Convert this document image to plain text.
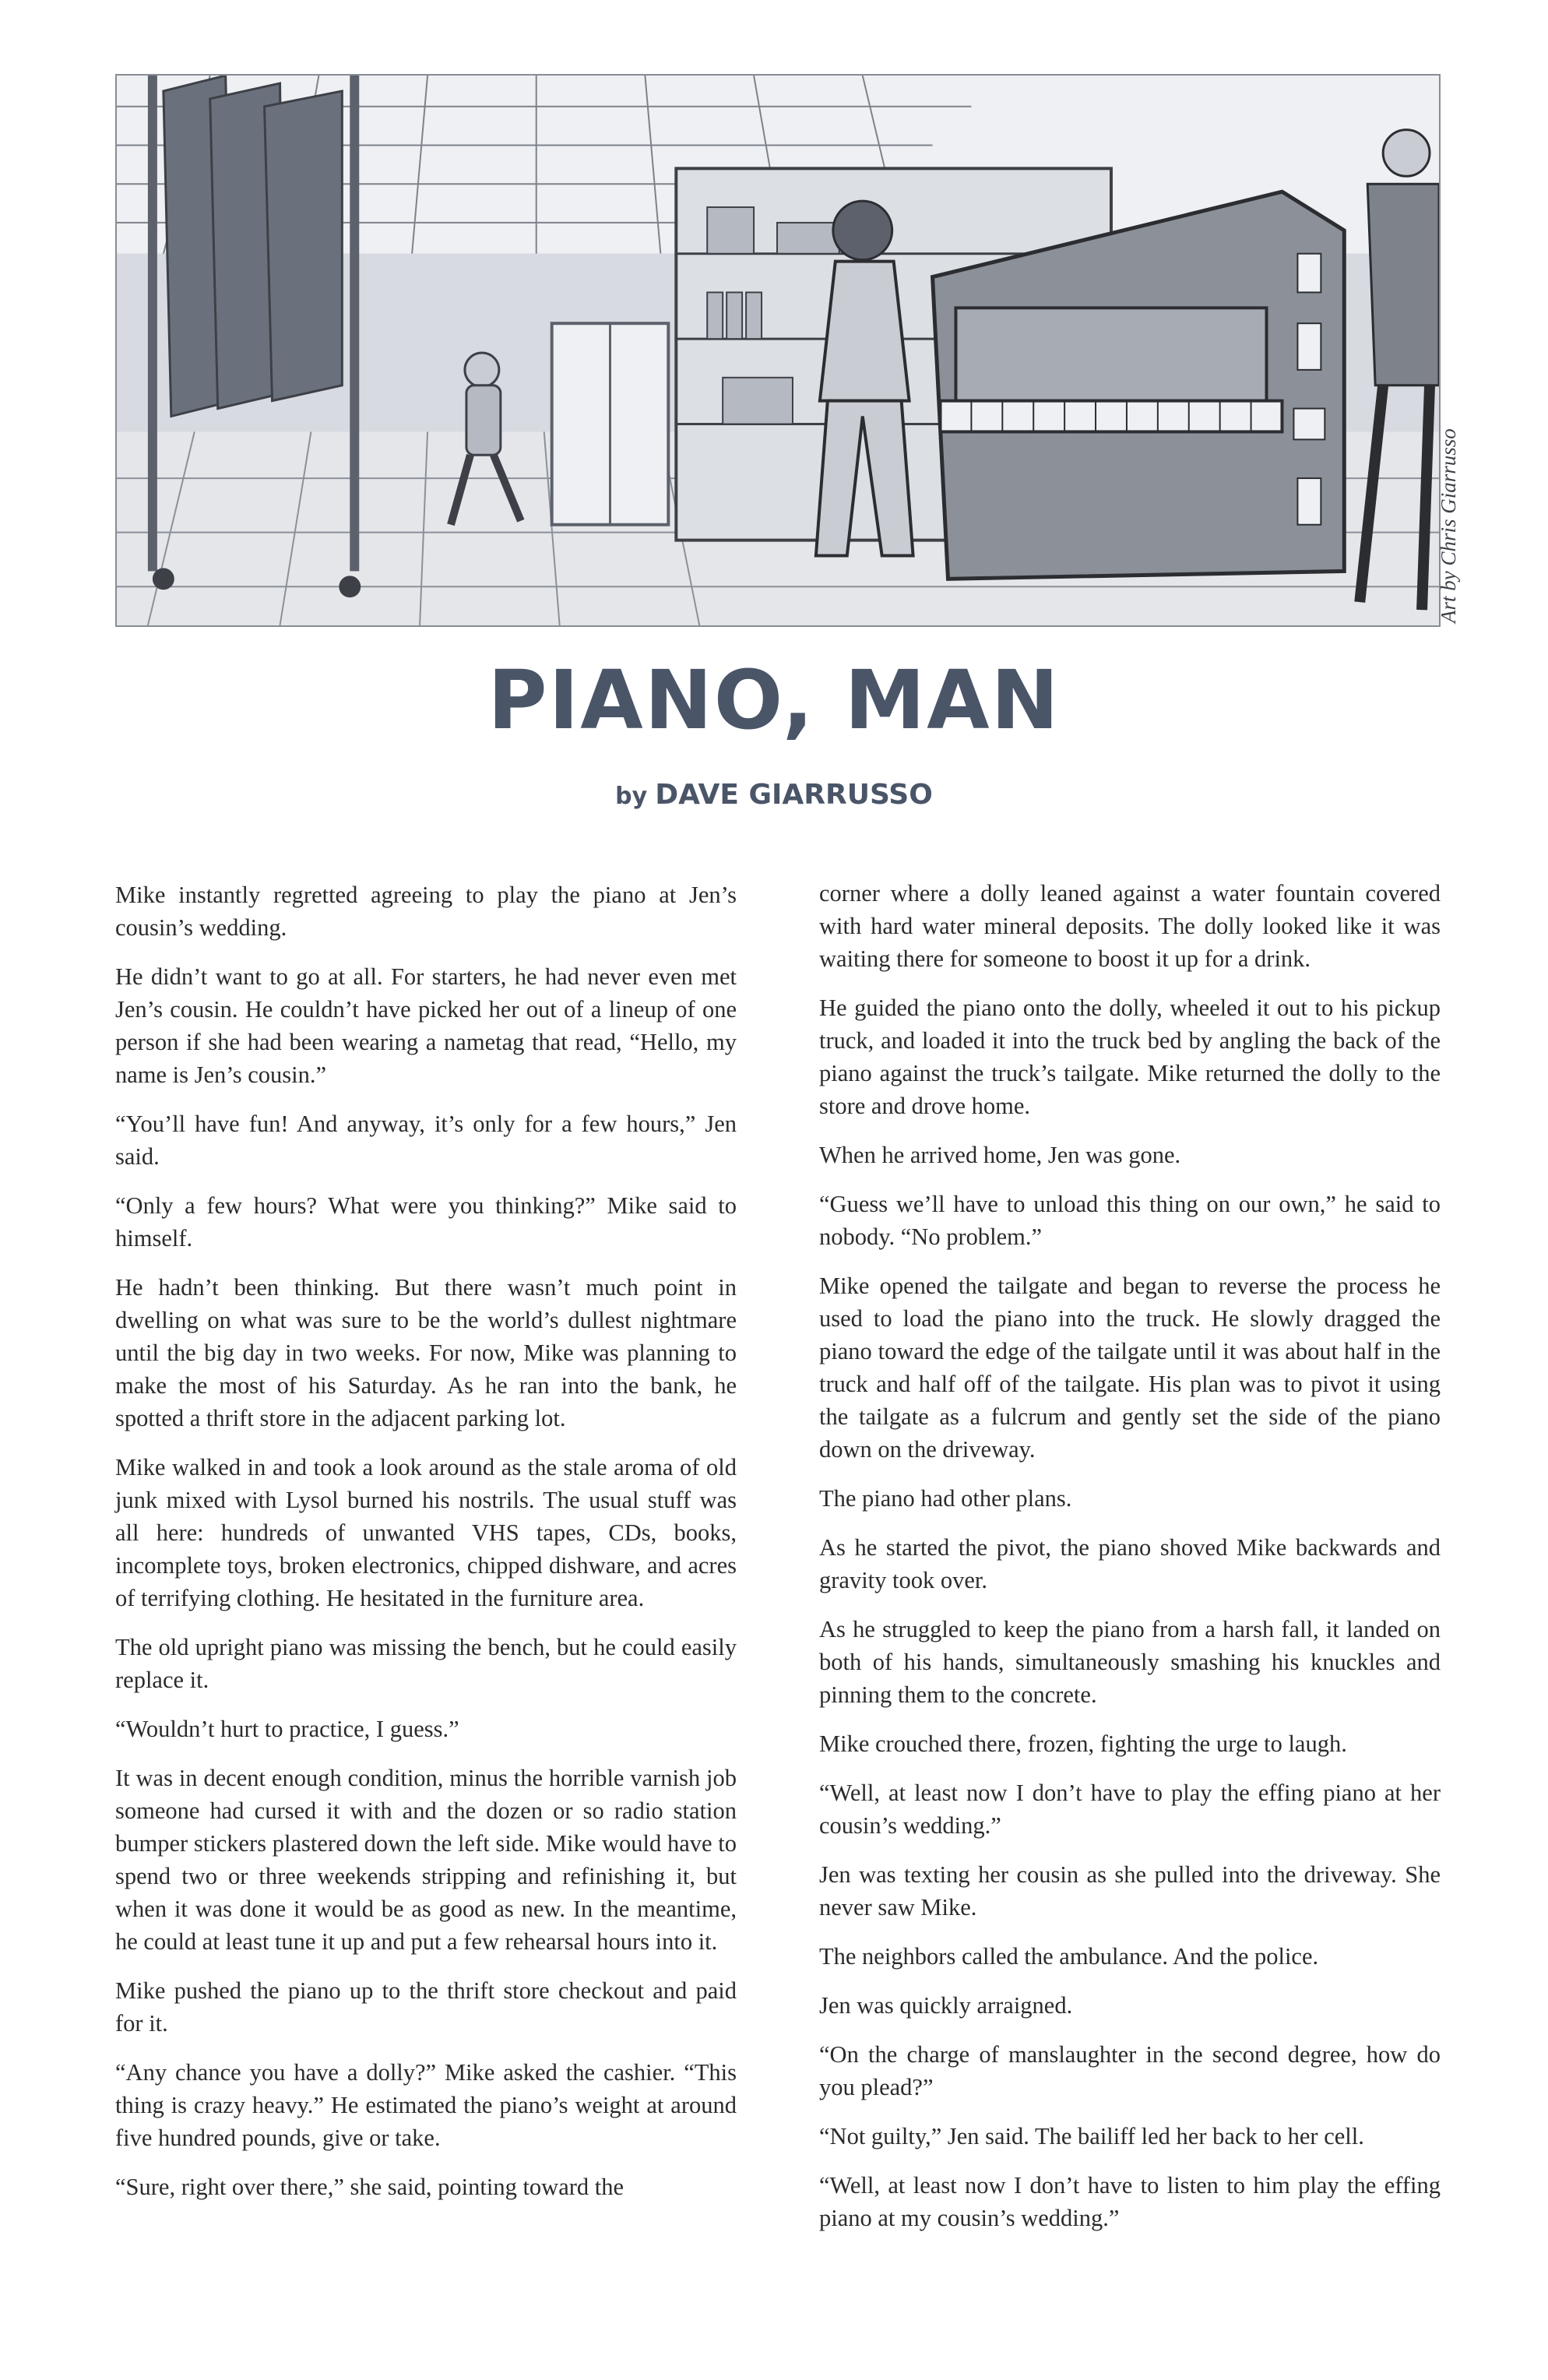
Art by Chris Giarrusso
PIANO, MAN
by DAVE GIARRUSSO

Mike instantly regretted agreeing to play the piano at Jen’s cousin’s wedding.

He didn’t want to go at all. For starters, he had never even met Jen’s cousin. He couldn’t have picked her out of a lineup of one person if she had been wearing a nametag that read, “Hello, my name is Jen’s cousin.”

“You’ll have fun! And anyway, it’s only for a few hours,” Jen said.

“Only a few hours? What were you thinking?” Mike said to himself.

He hadn’t been thinking. But there wasn’t much point in dwelling on what was sure to be the world’s dullest nightmare until the big day in two weeks. For now, Mike was planning to make the most of his Saturday. As he ran into the bank, he spotted a thrift store in the adjacent parking lot.

Mike walked in and took a look around as the stale aroma of old junk mixed with Lysol burned his nostrils. The usual stuff was all here: hundreds of unwanted VHS tapes, CDs, books, incomplete toys, broken electronics, chipped dishware, and acres of terrifying clothing. He hesitated in the furniture area.

The old upright piano was missing the bench, but he could easily replace it.

“Wouldn’t hurt to practice, I guess.”

It was in decent enough condition, minus the horrible varnish job someone had cursed it with and the dozen or so radio station bumper stickers plastered down the left side. Mike would have to spend two or three weekends stripping and refinishing it, but when it was done it would be as good as new. In the meantime, he could at least tune it up and put a few rehearsal hours into it.

Mike pushed the piano up to the thrift store checkout and paid for it.

“Any chance you have a dolly?” Mike asked the cashier. “This thing is crazy heavy.” He estimated the piano’s weight at around five hundred pounds, give or take.

“Sure, right over there,” she said, pointing toward the

corner where a dolly leaned against a water fountain covered with hard water mineral deposits. The dolly looked like it was waiting there for someone to boost it up for a drink.

He guided the piano onto the dolly, wheeled it out to his pickup truck, and loaded it into the truck bed by angling the back of the piano against the truck’s tailgate. Mike returned the dolly to the store and drove home.

When he arrived home, Jen was gone.

“Guess we’ll have to unload this thing on our own,” he said to nobody. “No problem.”

Mike opened the tailgate and began to reverse the process he used to load the piano into the truck. He slowly dragged the piano toward the edge of the tailgate until it was about half in the truck and half off of the tailgate. His plan was to pivot it using the tailgate as a fulcrum and gently set the side of the piano down on the driveway.

The piano had other plans.

As he started the pivot, the piano shoved Mike backwards and gravity took over.

As he struggled to keep the piano from a harsh fall, it landed on both of his hands, simultaneously smashing his knuckles and pinning them to the concrete.

Mike crouched there, frozen, fighting the urge to laugh.

“Well, at least now I don’t have to play the effing piano at her cousin’s wedding.”

Jen was texting her cousin as she pulled into the driveway. She never saw Mike.

The neighbors called the ambulance. And the police.

Jen was quickly arraigned.

“On the charge of manslaughter in the second degree, how do you plead?”

“Not guilty,” Jen said. The bailiff led her back to her cell.

“Well, at least now I don’t have to listen to him play the effing piano at my cousin’s wedding.”
